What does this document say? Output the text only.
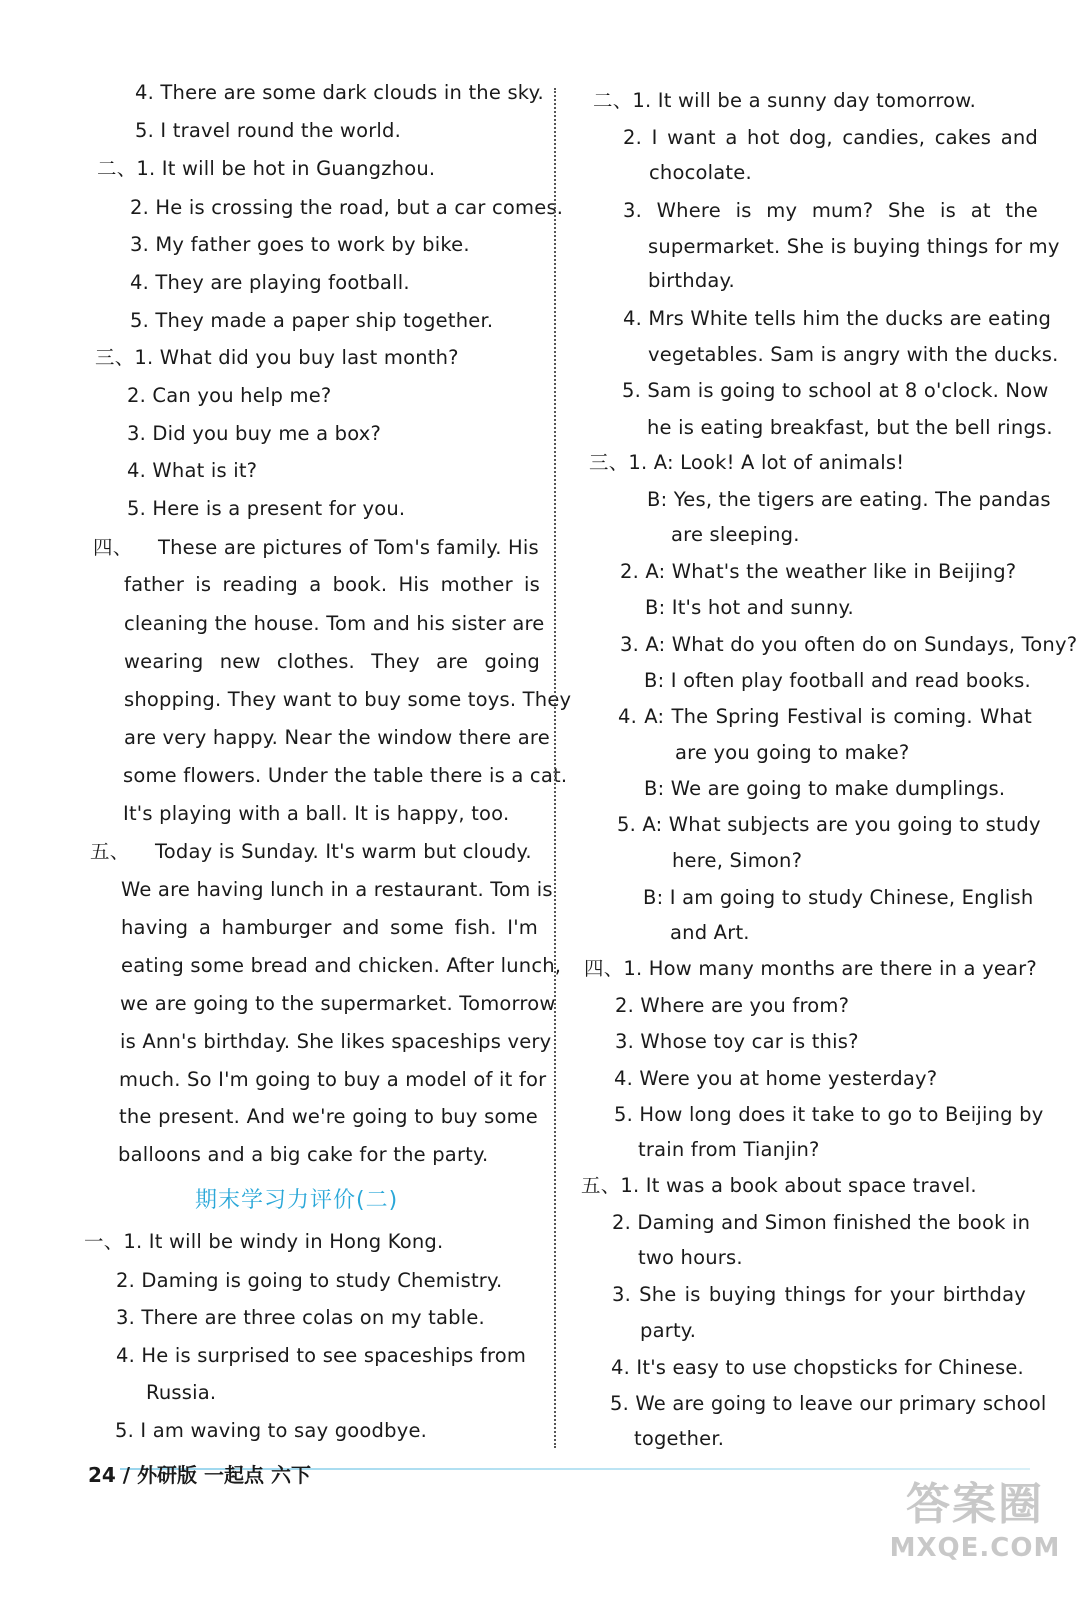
4. There are some dark clouds in the sky.
5. I travel round the world.
二、1. It will be hot in Guangzhou.
2. He is crossing the road, but a car comes.
3. My father goes to work by bike.
4. They are playing football.
5. They made a paper ship together.
三、1. What did you buy last month?
2. Can you help me?
3. Did you buy me a box?
4. What is it?
5. Here is a present for you.
四、    These are pictures of Tom's family. His
father is reading a book. His mother is
cleaning the house. Tom and his sister are
wearing new clothes. They are going
shopping. They want to buy some toys. They
are very happy. Near the window there are
some flowers. Under the table there is a cat.
It's playing with a ball. It is happy, too.
五、    Today is Sunday. It's warm but cloudy.
We are having lunch in a restaurant. Tom is
having a hamburger and some fish. I'm
eating some bread and chicken. After lunch,
we are going to the supermarket. Tomorrow
is Ann's birthday. She likes spaceships very
much. So I'm going to buy a model of it for
the present. And we're going to buy some
balloons and a big cake for the party.
期末学习力评价(二)
一、1. It will be windy in Hong Kong.
2. Daming is going to study Chemistry.
3. There are three colas on my table.
4. He is surprised to see spaceships from
Russia.
5. I am waving to say goodbye.
二、1. It will be a sunny day tomorrow.
2. I want a hot dog, candies, cakes and
chocolate.
3. Where is my mum? She is at the
supermarket. She is buying things for my
birthday.
4. Mrs White tells him the ducks are eating
vegetables. Sam is angry with the ducks.
5. Sam is going to school at 8 o'clock. Now
he is eating breakfast, but the bell rings.
三、1. A: Look! A lot of animals!
B: Yes, the tigers are eating. The pandas
are sleeping.
2. A: What's the weather like in Beijing?
B: It's hot and sunny.
3. A: What do you often do on Sundays, Tony?
B: I often play football and read books.
4. A: The Spring Festival is coming. What
are you going to make?
B: We are going to make dumplings.
5. A: What subjects are you going to study
here, Simon?
B: I am going to study Chinese, English
and Art.
四、1. How many months are there in a year?
2. Where are you from?
3. Whose toy car is this?
4. Were you at home yesterday?
5. How long does it take to go to Beijing by
train from Tianjin?
五、1. It was a book about space travel.
2. Daming and Simon finished the book in
two hours.
3. She is buying things for your birthday
party.
4. It's easy to use chopsticks for Chinese.
5. We are going to leave our primary school
together.
24 / 外研版 一起点 六下
答案圈
MXQE.COM
